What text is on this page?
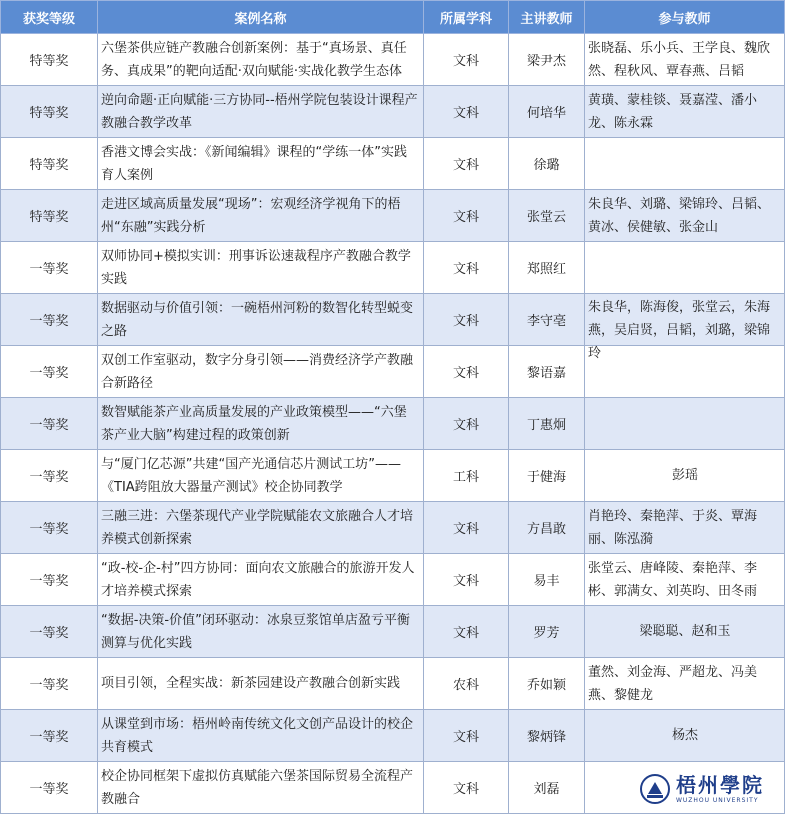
获奖等级	案例名称	所属学科	主讲教师	参与教师
特等奖	六堡茶供应链产教融合创新案例：基于“真场景、真任务、真成果”的靶向适配·双向赋能·实战化教学生态体	文科	梁尹杰	张晓磊、乐小兵、王学良、魏欣然、程秋风、覃春燕、吕韬

特等奖	逆向命题·正向赋能·三方协同--梧州学院包装设计课程产教融合教学改革	文科	何培华	黄璜、蒙桂锬、聂嘉滢、潘小龙、陈永霖

特等奖	香港文博会实战：《新闻编辑》课程的“学练一体”实践育人案例	文科	徐璐	

特等奖	走进区域高质量发展“现场”：宏观经济学视角下的梧州“东融”实践分析	文科	张堂云	朱良华、刘璐、梁锦玲、吕韬、黄冰、侯健敏、张金山

一等奖	双师协同+模拟实训：刑事诉讼速裁程序产教融合教学实践	文科	郑照红	

一等奖	数据驱动与价值引领：一碗梧州河粉的数智化转型蜕变之路	文科	李守亳	朱良华，陈海俊，张堂云，朱海燕，吴启贤，吕韬，刘璐，梁锦玲

一等奖	双创工作室驱动，数字分身引领——消费经济学产教融合新路径	文科	黎语嘉	

一等奖	数智赋能茶产业高质量发展的产业政策模型——“六堡茶产业大脑”构建过程的政策创新	文科	丁惠炯	

一等奖	与“厦门亿芯源”共建“国产光通信芯片测试工坊”——《TIA跨阻放大器量产测试》校企协同教学	工科	于健海	彭瑶

一等奖	三融三进：六堡茶现代产业学院赋能农文旅融合人才培养模式创新探索	文科	方昌敢	肖艳玲、秦艳萍、于炎、覃海丽、陈泓漪

一等奖	“政-校-企-村”四方协同：面向农文旅融合的旅游开发人才培养模式探索	文科	易丰	张堂云、唐峰陵、秦艳萍、李彬、郭满女、刘英昀、田冬雨

一等奖	“数据-决策-价值”闭环驱动：冰泉豆浆馆单店盈亏平衡测算与优化实践	文科	罗芳	梁聪聪、赵和玉

一等奖	项目引领，全程实战：新茶园建设产教融合创新实践	农科	乔如颖	董然、刘金海、严超龙、冯美燕、黎健龙

一等奖	从课堂到市场：梧州岭南传统文化文创产品设计的校企共育模式	文科	黎炳锋	杨杰

一等奖	校企协同框架下虚拟仿真赋能六堡茶国际贸易全流程产教融合	文科	刘磊		梧州學院
WUZHOU UNIVERSITY
